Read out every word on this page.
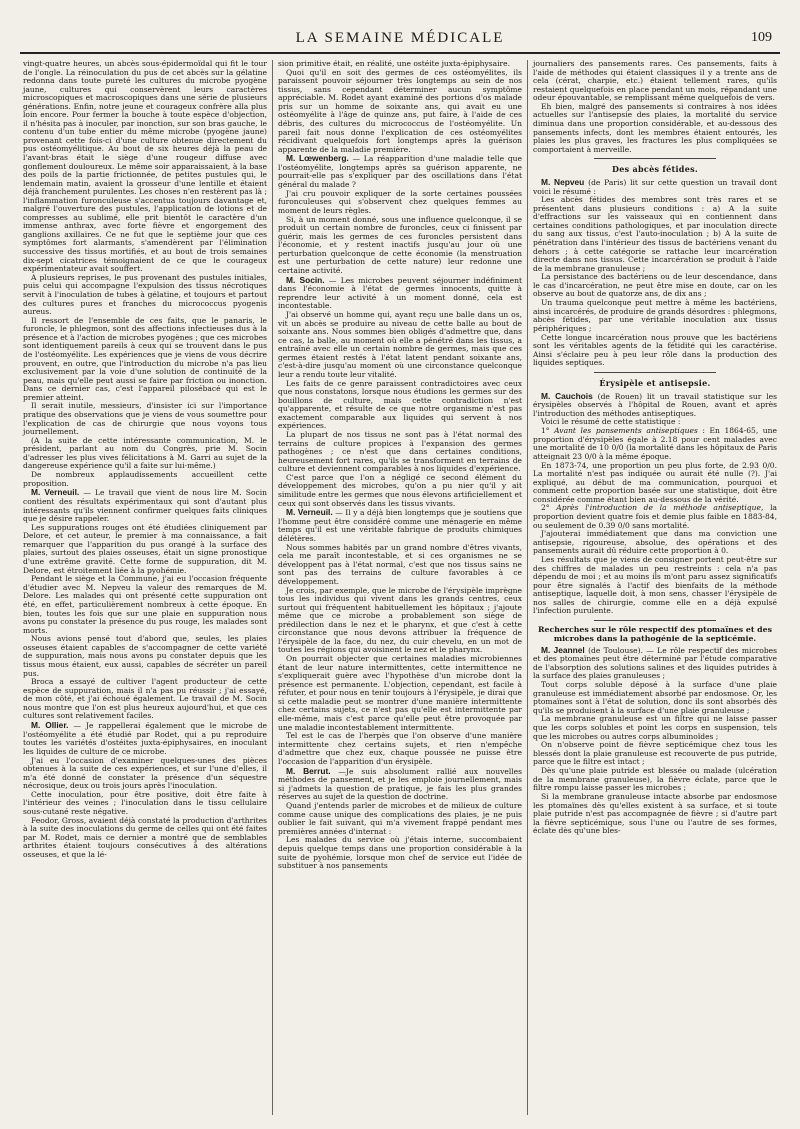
LA SEMAINE MÉDICALE	109

vingt-quatre heures, un abcès sous-épidermoïdal qui fit le tour de l'ongle. La réinoculation du pus de cet abcès sur la gélatine redonna dans toute pureté les cultures du microbe pyogène jaune, cultures qui conservèrent leurs caractères microscopiques et macroscopiques dans une série de plusieurs générations. Enfin, notre jeune et courageux confrère alla plus loin encore. Pour fermer la bouche à toute espèce d'objection, il n'hésita pas à inoculer, par inonction, sur son bras gauche, le contenu d'un tube entier du même microbe (pyogène jaune) provenant cette fois-ci d'une culture obtenue directement du pus ostéomyélitique. Au bout de six heures déjà la peau de l'avant-bras était le siège d'une rougeur diffuse avec gonflement douloureux. Le même soir apparaissaient, à la base des poils de la partie frictionnée, de petites pustules qui, le lendemain matin, avaient la grosseur d'une lentille et étaient déjà franchement purulentes. Les choses n'en restèrent pas là ; l'inflammation furonculeuse s'accentua toujours davantage et, malgré l'ouverture des pustules, l'application de lotions et de compresses au sublimé, elle prit bientôt le caractère d'un immense anthrax, avec forte fièvre et engorgement des ganglions axillaires. Ce ne fut que le septième jour que ces symptômes fort alarmants, s'amendèrent par l'élimination successive des tissus mortifiés, et au bout de trois semaines dix-sept cicatrices témoignaient de ce que le courageux expérimentateur avait souffert.

A plusieurs reprises, le pus provenant des pustules initiales, puis celui qui accompagne l'expulsion des tissus nécrotiques servit à l'inoculation de tubes à gélatine, et toujours et partout des cultures pures et franches du micrococcus pyogenis aureus.

Il ressort de l'ensemble de ces faits, que le panaris, le furoncle, le phlegmon, sont des affections infectieuses dus à la présence et à l'action de microbes pyogènes ; que ces microbes sont identiquement pareils à ceux qui se trouvent dans le pus de l'ostéomyélite. Les expériences que je viens de vous décrire prouvent, en outre, que l'introduction du microbe n'a pas lieu exclusivement par la voie d'une solution de continuité de la peau, mais qu'elle peut aussi se faire par friction ou inonction. Dans ce dernier cas, c'est l'appareil pilosébacé qui est le premier atteint.

Il serait inutile, messieurs, d'insister ici sur l'importance pratique des observations que je viens de vous soumettre pour l'explication de cas de chirurgie que nous voyons tous journellement.

(A la suite de cette intéressante communication, M. le président, parlant au nom du Congrès, prie M. Socin d'adresser les plus vives félicitations à M. Garri au sujet de la dangereuse expérience qu'il a faite sur lui-même.)

De nombreux applaudissements accueillent cette proposition.

M. Verneuil. — Le travail que vient de nous lire M. Socin contient des résultats expérimentaux qui sont d'autant plus intéressants qu'ils viennent confirmer quelques faits cliniques que je désire rappeler.

Les suppurations rouges ont été étudiées cliniquement par Delore, et cet auteur, le premier à ma connaissance, a fait remarquer que l'apparition du pus orangé à la surface des plaies, surtout des plaies osseuses, était un signe pronostique d'une extrême gravité. Cette forme de suppuration, dit M. Delore, est étroitement liée à la pyohémie.

Pendant le siège et la Commune, j'ai eu l'occasion fréquente d'étudier avec M. Nepveu la valeur des remarques de M. Delore. Les malades qui ont présenté cette suppuration ont été, en effet, particulièrement nombreux à cette époque. En bien, toutes les fois que sur une plaie en suppuration nous avons pu constater la présence du pus rouge, les malades sont morts.

Nous avions pensé tout d'abord que, seules, les plaies osseuses étaient capables de s'accompagner de cette variété de suppuration, mais nous avons pu constater depuis que les tissus mous étaient, eux aussi, capables de sécréter un pareil pus.

Broca a essayé de cultiver l'agent producteur de cette espèce de suppuration, mais il n'a pas pu réussir ; j'ai essayé, de mon côté, et j'ai échoué également. Le travail de M. Socin nous montre que l'on est plus heureux aujourd'hui, et que ces cultures sont relativement faciles.

M. Ollier. — Je rappellerai également que le microbe de l'ostéomyélite a été étudié par Rodet, qui a pu reproduire toutes les variétés d'ostéites juxta-épiphysaires, en inoculant les liquides de culture de ce microbe.

J'ai eu l'occasion d'examiner quelques-unes des pièces obtenues à la suite de ces expériences, et sur l'une d'elles, il m'a été donné de constater la présence d'un séquestre nécrosique, deux ou trois jours après l'inoculation.

Cette inoculation, pour être positive, doit être faite à l'intérieur des veines ; l'inoculation dans le tissu cellulaire sous-cutané reste négative.

Feodor, Gross, avaient déjà constaté la production d'arthrites à la suite des inoculations du germe de celles qui ont été faites par M. Rodet, mais ce dernier a montré que de semblables arthrites étaient toujours consécutives à des altérations osseuses, et que la lé-

sion primitive était, en réalité, une ostéite juxta-épiphysaire.

Quoi qu'il en soit des germes de ces ostéomyélites, ils paraissent pouvoir séjourner très longtemps au sein de nos tissus, sans cependant déterminer aucun symptôme appréciable. M. Rodet ayant examiné des portions d'os malade pris sur un homme de soixante ans, qui avait eu une ostéomyélite à l'âge de quinze ans, put faire, à l'aide de ces débris, des cultures du micrococcus de l'ostéomyélite. Un pareil fait nous donne l'explication de ces ostéomyélites récidivant quelquefois fort longtemps après la guérison apparente de la maladie première.

M. Lœwenberg. — La réapparition d'une maladie telle que l'ostéomyélite, longtemps après sa guérison apparente, ne pourrait-elle pas s'expliquer par des oscillations dans l'état général du malade ?

J'ai cru pouvoir expliquer de la sorte certaines poussées furonculeuses qui s'observent chez quelques femmes au moment de leurs règles.

Si, à un moment donné, sous une influence quelconque, il se produit un certain nombre de furoncles, ceux ci finissent par guérir, mais les germes de ces furoncles persistent dans l'économie, et y restent inactifs jusqu'au jour où une perturbation quelconque de cette économie (la menstruation est une perturbation de cette nature) leur redonne une certaine activité.

M. Socin. — Les microbes peuvent séjourner indéfiniment dans l'économie à l'état de germes innocents, quitte à reprendre leur activité à un moment donné, cela est incontestable.

J'ai observé un homme qui, ayant reçu une balle dans un os, vit un abcès se produire au niveau de cette balle au bout de soixante ans. Nous sommes bien obligés d'admettre que, dans ce cas, la balle, au moment où elle a pénétré dans les tissus, a entraîné avec elle un certain nombre de germes, mais que ces germes étaient restés à l'état latent pendant soixante ans, c'est-à-dire jusqu'au moment où une circonstance quelconque leur a rendu toute leur vitalité.

Les faits de ce genre paraissent contradictoires avec ceux que nous constatons, lorsque nous étudions les germes sur des bouillons de culture, mais cette contradiction n'est qu'apparente, et résulte de ce que notre organisme n'est pas exactement comparable aux liquides qui servent à nos expériences.

La plupart de nos tissus ne sont pas à l'état normal des terrains de culture propices à l'expansion des germes pathogènes ; ce n'est que dans certaines conditions, heureusement fort rares, qu'ils se transforment en terrains de culture et deviennent comparables à nos liquides d'expérience.

C'est parce que l'on a négligé ce second élément du développement des microbes, qu'on a pu nier qu'il y ait similitude entre les germes que nous élevons artificiellement et ceux qui sont observés dans les tissus vivants.

M. Verneuil. — Il y a déjà bien longtemps que je soutiens que l'homme peut être considéré comme une ménagerie en même temps qu'il est une véritable fabrique de produits chimiques délétères.

Nous sommes habités par un grand nombre d'êtres vivants, cela me paraît incontestable, et si ces organismes ne se développent pas à l'état normal, c'est que nos tissus sains ne sont pas des terrains de culture favorables à ce développement.

Je crois, par exemple, que le microbe de l'érysipèle imprègne tous les individus qui vivent dans les grands centres, ceux surtout qui fréquentent habituellement les hôpitaux ; j'ajoute même que ce microbe a probablement son siège de prédilection dans le nez et le pharynx, et que c'est à cette circonstance que nous devons attribuer la fréquence de l'érysipèle de la face, du nez, du cuir chevelu, en un mot de toutes les régions qui avoisinent le nez et le pharynx.

On pourrait objecter que certaines maladies microbiennes étant de leur nature intermittentes, cette intermittence ne s'expliquerait guère avec l'hypothèse d'un microbe dont la présence est permanente. L'objection, cependant, est facile à réfuter, et pour nous en tenir toujours à l'érysipèle, je dirai que si cette maladie peut se montrer d'une manière intermittente chez certains sujets, ce n'est pas qu'elle est intermittente par elle-même, mais c'est parce qu'elle peut être provoquée par une maladie incontestablement intermittente.

Tel est le cas de l'herpès que l'on observe d'une manière intermittente chez certains sujets, et rien n'empêche d'admettre que chez eux, chaque poussée ne puisse être l'occasion de l'apparition d'un érysipèle.

M. Berrut. —Je suis absolument rallié aux nouvelles méthodes de pansement, et je les emploie journellement, mais si j'admets la question de pratique, je fais les plus grandes réserves au sujet de la question de doctrine.

Quand j'entends parler de microbes et de milieux de culture comme cause unique des complications des plaies, je ne puis oublier le fait suivant, qui m'a vivement frappé pendant mes premières années d'internat :

Les malades du service où j'étais interne, succombaient depuis quelque temps dans une proportion considérable à la suite de pyohémie, lorsque mon chef de service eut l'idée de substituer à nos pansements

journaliers des pansements rares. Ces pansements, faits à l'aide de méthodes qui étaient classiques il y a trente ans de cela (cérat, charpie, etc.) étaient tellement rares, qu'ils restaient quelquefois en place pendant un mois, répandant une odeur épouvantable, se remplissant même quelquefois de vers.

Eh bien, malgré des pansements si contraires à nos idées actuelles sur l'antisepsie des plaies, la mortalité du service diminua dans une proportion considérable, et au-dessous des pansements infects, dont les membres étaient entourés, les plaies les plus graves, les fractures les plus compliquées se comportaient à merveille.

Des abcès fétides.

M. Nepveu (de Paris) lit sur cette question un travail dont voici le résumé :

Les abcès fétides des membres sont très rares et se présentent dans plusieurs conditions : a) A la suite d'effractions sur les vaisseaux qui en contiennent dans certaines conditions pathologiques, et par inoculation directe du sang aux tissus, c'est l'auto-inoculation ; b) A la suite de pénétration dans l'intérieur des tissus de bactériens venant du dehors ; à cette catégorie se rattache leur incarcération directe dans nos tissus. Cette incarcération se produit à l'aide de la membrane granuleuse ;

La persistance des bactériens ou de leur descendance, dans le cas d'incarcération, ne peut être mise en doute, car on les observe au bout de quatorze ans, de dix ans ;

Un trauma quelconque peut mettre à même les bactériens, ainsi incarcérés, de produire de grands désordres : phlegmons, abcès fétides, par une véritable inoculation aux tissus périphériques ;

Cette longue incarcération nous prouve que les bactériens sont les véritables agents de la fétidité qui les caractérise. Ainsi s'éclaire peu à peu leur rôle dans la production des liquides septiques.

Érysipèle et antisepsie.

M. Cauchois (de Rouen) lit un travail statistique sur les érysipèles observés à l'hôpital de Rouen, avant et après l'introduction des méthodes antiseptiques.

Voici le résumé de cette statistique :

1° Avant les pansements antiseptiques : En 1864-65, une proportion d'érysipèles égale à 2.18 pour cent malades avec une mortalité de 10 0/0 (la mortalité dans les hôpitaux de Paris atteignait 23 0/0 à la même époque.

En 1873-74, une proportion un peu plus forte, de 2.93 0/0. La mortalité n'est pas indiquée ou aurait été nulle (?). J'ai expliqué, au début de ma communication, pourquoi et comment cette proportion basée sur une statistique, doit être considérée comme étant bien au-dessous de la vérité.

2° Après l'introduction de la méthode antiseptique, la proportion devient quatre fois et demie plus faible en 1883-84, ou seulement de 0.39 0/0 sans mortalité.

J'ajouterai immédiatement que dans ma conviction une antisepsie, rigoureuse, absolue, des opérations et des pansements aurait dû réduire cette proportion à 0.

Les résultats que je viens de consigner portent peut-être sur des chiffres de malades un peu restreints : cela n'a pas dépendu de moi ; et au moins ils m'ont paru assez significatifs pour être signalés à l'actif des bienfaits de la méthode antiseptique, laquelle doit, à mon sens, chasser l'érysipèle de nos salles de chirurgie, comme elle en a déjà expulsé l'infection purulente.

Recherches sur le rôle respectif des ptomaïnes et des microbes dans la pathogénie de la septicémie.

M. Jeannel (de Toulouse). — Le rôle respectif des microbes et des ptomaïnes peut être déterminé par l'étude comparative de l'absorption des solutions salines et des liquides putrides à la surface des plaies granuleuses ;

Tout corps soluble déposé à la surface d'une plaie granuleuse est immédiatement absorbé par endosmose. Or, les ptomaïnes sont à l'état de solution, donc ils sont absorbés dès qu'ils se produisent à la surface d'une plaie granuleuse ;

La membrane granuleuse est un filtre qui ne laisse passer que les corps solubles et point les corps en suspension, tels que les microbes ou autres corps albuminoïdes ;

On n'observe point de fièvre septicémique chez tous les blessés dont la plaie granuleuse est recouverte de pus putride, parce que le filtre est intact ;

Dès qu'une plaie putride est blessée ou malade (ulcération de la membrane granuleuse), la fièvre éclate, parce que le filtre rompu laisse passer les microbes ;

Si la membrane granuleuse intacte absorbe par endosmose les ptomaïnes dès qu'elles existent à sa surface, et si toute plaie putride n'est pas accompagnée de fièvre ; si d'autre part la fièvre septicémique, sous l'une ou l'autre de ses formes, éclate dès qu'une bles-
